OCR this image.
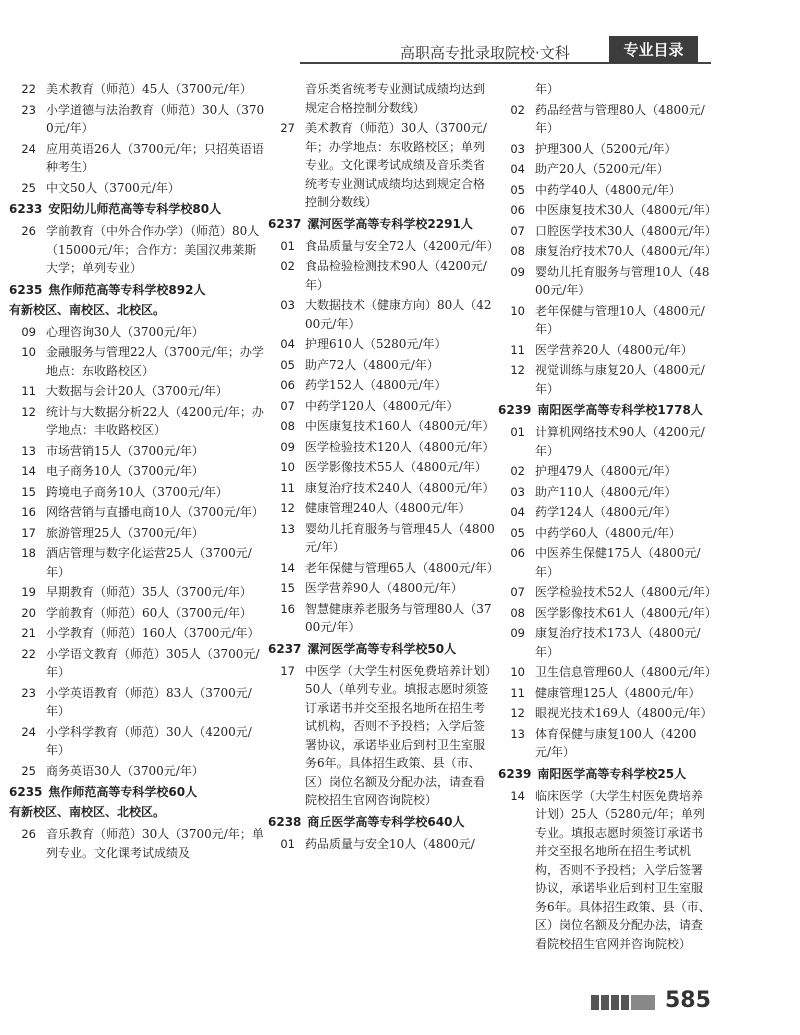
高职高专批录取院校·文科	专业目录
22 美术教育（师范）45人（3700元/年）
23 小学道德与法治教育（师范）30人（3700元/年）
24 应用英语26人（3700元/年；只招英语语种考生）
25 中文50人（3700元/年）
6233 安阳幼儿师范高等专科学校80人
26 学前教育（中外合作办学）（师范）80人（15000元/年；合作方：美国汉弗莱斯大学；单列专业）
6235 焦作师范高等专科学校892人
有新校区、南校区、北校区。
09 心理咨询30人（3700元/年）
10 金融服务与管理22人（3700元/年；办学地点：东收路校区）
11 大数据与会计20人（3700元/年）
12 统计与大数据分析22人（4200元/年；办学地点：丰收路校区）
13 市场营销15人（3700元/年）
14 电子商务10人（3700元/年）
15 跨境电子商务10人（3700元/年）
16 网络营销与直播电商10人（3700元/年）
17 旅游管理25人（3700元/年）
18 酒店管理与数字化运营25人（3700元/年）
19 早期教育（师范）35人（3700元/年）
20 学前教育（师范）60人（3700元/年）
21 小学教育（师范）160人（3700元/年）
22 小学语文教育（师范）305人（3700元/年）
23 小学英语教育（师范）83人（3700元/年）
24 小学科学教育（师范）30人（4200元/年）
25 商务英语30人（3700元/年）
6235 焦作师范高等专科学校60人
有新校区、南校区、北校区。
26 音乐教育（师范）30人（3700元/年；单列专业。文化课考试成绩及
音乐类省统考专业测试成绩均达到规定合格控制分数线）
27 美术教育（师范）30人（3700元/年；办学地点：东收路校区；单列专业。文化课考试成绩及音乐类省统考专业测试成绩均达到规定合格控制分数线）
6237 漯河医学高等专科学校2291人
01 食品质量与安全72人（4200元/年）
02 食品检验检测技术90人（4200元/年）
03 大数据技术（健康方向）80人（4200元/年）
04 护理610人（5280元/年）
05 助产72人（4800元/年）
06 药学152人（4800元/年）
07 中药学120人（4800元/年）
08 中医康复技术160人（4800元/年）
09 医学检验技术120人（4800元/年）
10 医学影像技术55人（4800元/年）
11 康复治疗技术240人（4800元/年）
12 健康管理240人（4800元/年）
13 婴幼儿托育服务与管理45人（4800元/年）
14 老年保健与管理65人（4800元/年）
15 医学营养90人（4800元/年）
16 智慧健康养老服务与管理80人（3700元/年）
6237 漯河医学高等专科学校50人
17 中医学（大学生村医免费培养计划）50人（单列专业。填报志愿时须签订承诺书并交至报名地所在招生考试机构，否则不予投档；入学后签署协议，承诺毕业后到村卫生室服务6年。具体招生政策、县（市、区）岗位名额及分配办法，请查看院校招生官网咨询院校）
6238 商丘医学高等专科学校640人
01 药品质量与安全10人（4800元/
年）
02 药品经营与管理80人（4800元/年）
03 护理300人（5200元/年）
04 助产20人（5200元/年）
05 中药学40人（4800元/年）
06 中医康复技术30人（4800元/年）
07 口腔医学技术30人（4800元/年）
08 康复治疗技术70人（4800元/年）
09 婴幼儿托育服务与管理10人（4800元/年）
10 老年保健与管理10人（4800元/年）
11 医学营养20人（4800元/年）
12 视觉训练与康复20人（4800元/年）
6239 南阳医学高等专科学校1778人
01 计算机网络技术90人（4200元/年）
02 护理479人（4800元/年）
03 助产110人（4800元/年）
04 药学124人（4800元/年）
05 中药学60人（4800元/年）
06 中医养生保健175人（4800元/年）
07 医学检验技术52人（4800元/年）
08 医学影像技术61人（4800元/年）
09 康复治疗技术173人（4800元/年）
10 卫生信息管理60人（4800元/年）
11 健康管理125人（4800元/年）
12 眼视光技术169人（4800元/年）
13 体育保健与康复100人（4200元/年）
6239 南阳医学高等专科学校25人
14 临床医学（大学生村医免费培养计划）25人（5280元/年；单列专业。填报志愿时须签订承诺书并交至报名地所在招生考试机构，否则不予投档；入学后签署协议，承诺毕业后到村卫生室服务6年。具体招生政策、县（市、区）岗位名额及分配办法，请查看院校招生官网并咨询院校）
585
